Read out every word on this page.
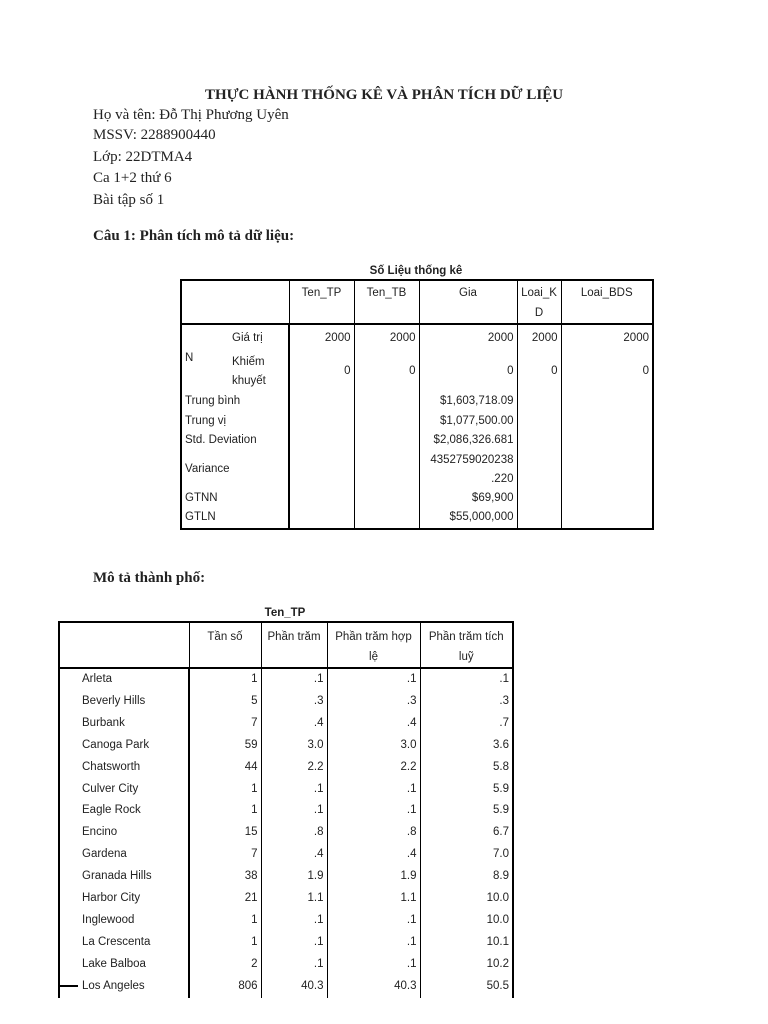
THỰC HÀNH THỐNG KÊ VÀ PHÂN TÍCH DỮ LIỆU

Họ và tên: Đỗ Thị Phương Uyên

MSSV: 2288900440

Lớp: 22DTMA4

Ca 1+2 thứ 6

Bài tập số 1

Câu 1: Phân tích mô tả dữ liệu:

Số Liệu thống kê
		Ten_TP	Ten_TB	Gia	Loai_K D	Loai_BDS
N	Giá trị	2000	2000	2000	2000	2000
	Khiếm
khuyết	0	0	0	0	0
Trung bình				$1,603,718.09		
Trung vị				$1,077,500.00		
Std. Deviation				$2,086,326.681		
Variance				4352759020238
.220		
GTNN				$69,900		
GTLN				$55,000,000		

Mô tả thành phố:

Ten_TP
	Tần số	Phần trăm	Phần trăm hợp lệ	Phần trăm tích luỹ
Arleta	1	.1	.1	.1
Beverly Hills	5	.3	.3	.3
Burbank	7	.4	.4	.7
Canoga Park	59	3.0	3.0	3.6
Chatsworth	44	2.2	2.2	5.8
Culver City	1	.1	.1	5.9
Eagle Rock	1	.1	.1	5.9
Encino	15	.8	.8	6.7
Gardena	7	.4	.4	7.0
Granada Hills	38	1.9	1.9	8.9
Harbor City	21	1.1	1.1	10.0
Inglewood	1	.1	.1	10.0
La Crescenta	1	.1	.1	10.1
Lake Balboa	2	.1	.1	10.2
Los Angeles	806	40.3	40.3	50.5
